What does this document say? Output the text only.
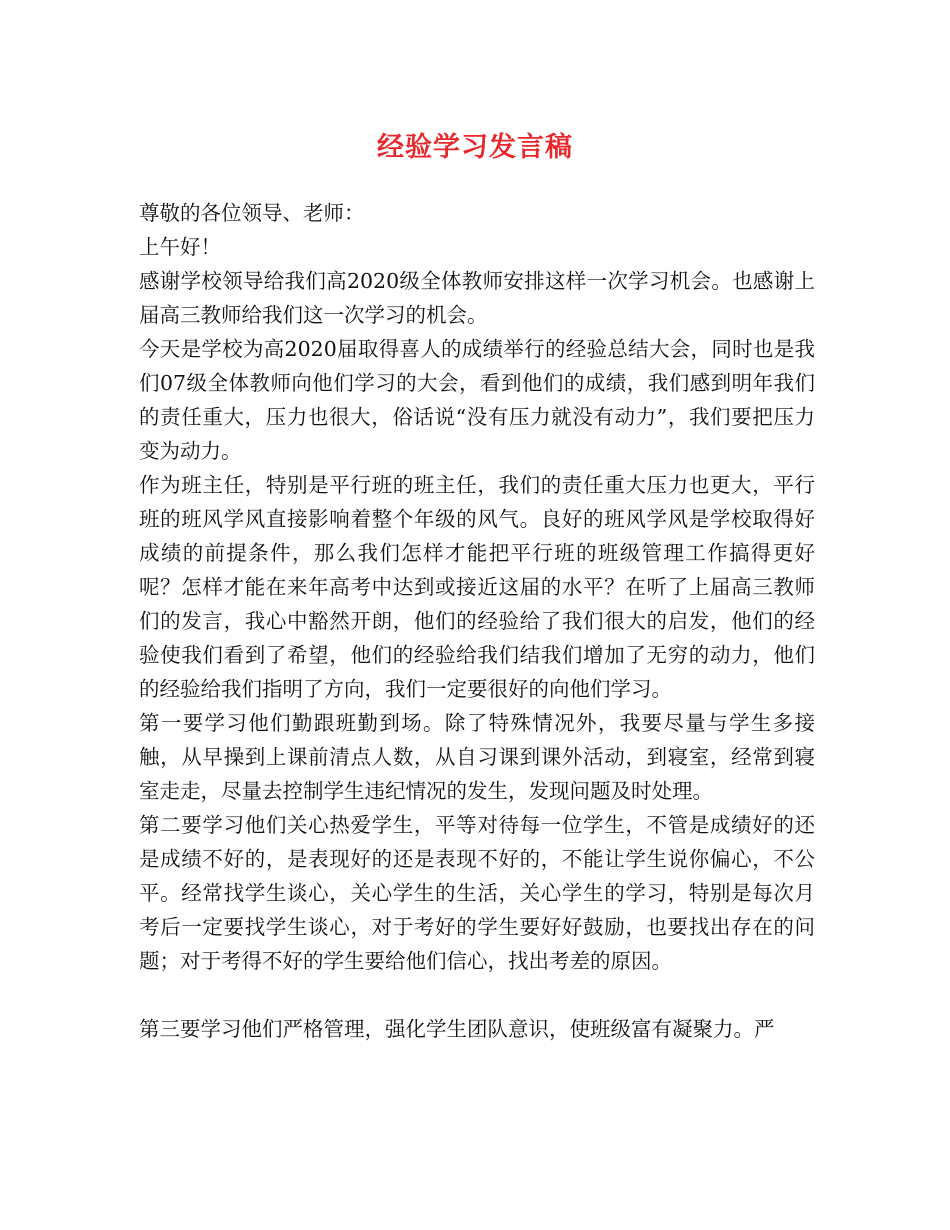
经验学习发言稿

尊敬的各位领导、老师：

上午好！

感谢学校领导给我们高2020级全体教师安排这样一次学习机会。也感谢上届高三教师给我们这一次学习的机会。

今天是学校为高2020届取得喜人的成绩举行的经验总结大会，同时也是我们07级全体教师向他们学习的大会，看到他们的成绩，我们感到明年我们的责任重大，压力也很大，俗话说“没有压力就没有动力”，我们要把压力变为动力。

作为班主任，特别是平行班的班主任，我们的责任重大压力也更大，平行班的班风学风直接影响着整个年级的风气。良好的班风学风是学校取得好成绩的前提条件，那么我们怎样才能把平行班的班级管理工作搞得更好呢？怎样才能在来年高考中达到或接近这届的水平？在听了上届高三教师们的发言，我心中豁然开朗，他们的经验给了我们很大的启发，他们的经验使我们看到了希望，他们的经验给我们结我们增加了无穷的动力，他们的经验给我们指明了方向，我们一定要很好的向他们学习。

第一要学习他们勤跟班勤到场。除了特殊情况外，我要尽量与学生多接触，从早操到上课前清点人数，从自习课到课外活动，到寝室，经常到寝室走走，尽量去控制学生违纪情况的发生，发现问题及时处理。

第二要学习他们关心热爱学生，平等对待每一位学生，不管是成绩好的还是成绩不好的，是表现好的还是表现不好的，不能让学生说你偏心，不公平。经常找学生谈心，关心学生的生活，关心学生的学习，特别是每次月考后一定要找学生谈心，对于考好的学生要好好鼓励，也要找出存在的问题；对于考得不好的学生要给他们信心，找出考差的原因。

第三要学习他们严格管理，强化学生团队意识，使班级富有凝聚力。严
